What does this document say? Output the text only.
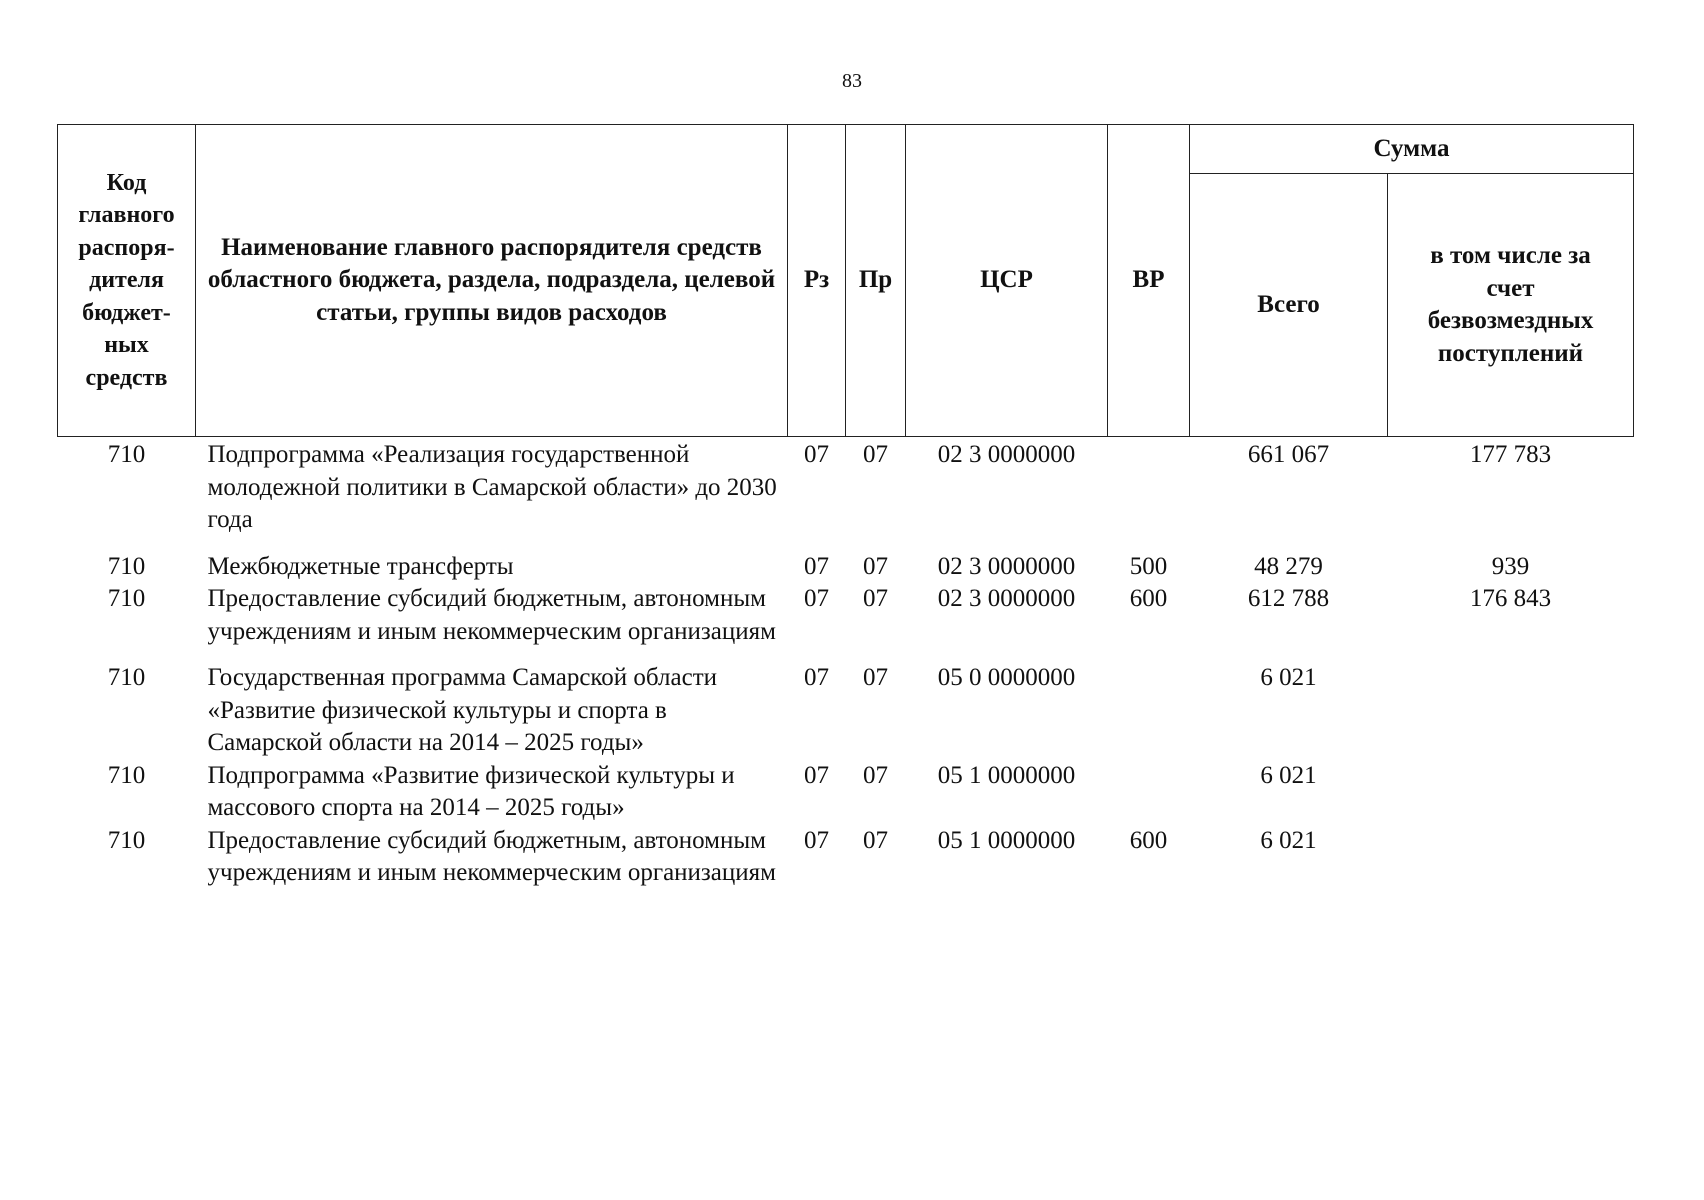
83
Код главного распоря-дителя бюджет-ных средств	Наименование главного распорядителя средств областного бюджета, раздела, подраздела, целевой статьи, группы видов расходов	Рз	Пр	ЦСР	ВР	Сумма	
						Всего	в том числе за счет безвозмездных поступлений
710	Подпрограмма «Реализация государственной молодежной политики в Самарской области» до 2030 года	07	07	02 3 0000000		661 067	177 783
710	Межбюджетные трансферты	07	07	02 3 0000000	500	48 279	939
710	Предоставление субсидий бюджетным, автономным учреждениям и иным некоммерческим организациям	07	07	02 3 0000000	600	612 788	176 843
710	Государственная программа Самарской области «Развитие физической культуры и спорта в Самарской области на 2014 – 2025 годы»	07	07	05 0 0000000		6 021	
710	Подпрограмма «Развитие физической культуры и массового спорта на 2014 – 2025 годы»	07	07	05 1 0000000		6 021	
710	Предоставление субсидий бюджетным, автономным учреждениям и иным некоммерческим организациям	07	07	05 1 0000000	600	6 021	
